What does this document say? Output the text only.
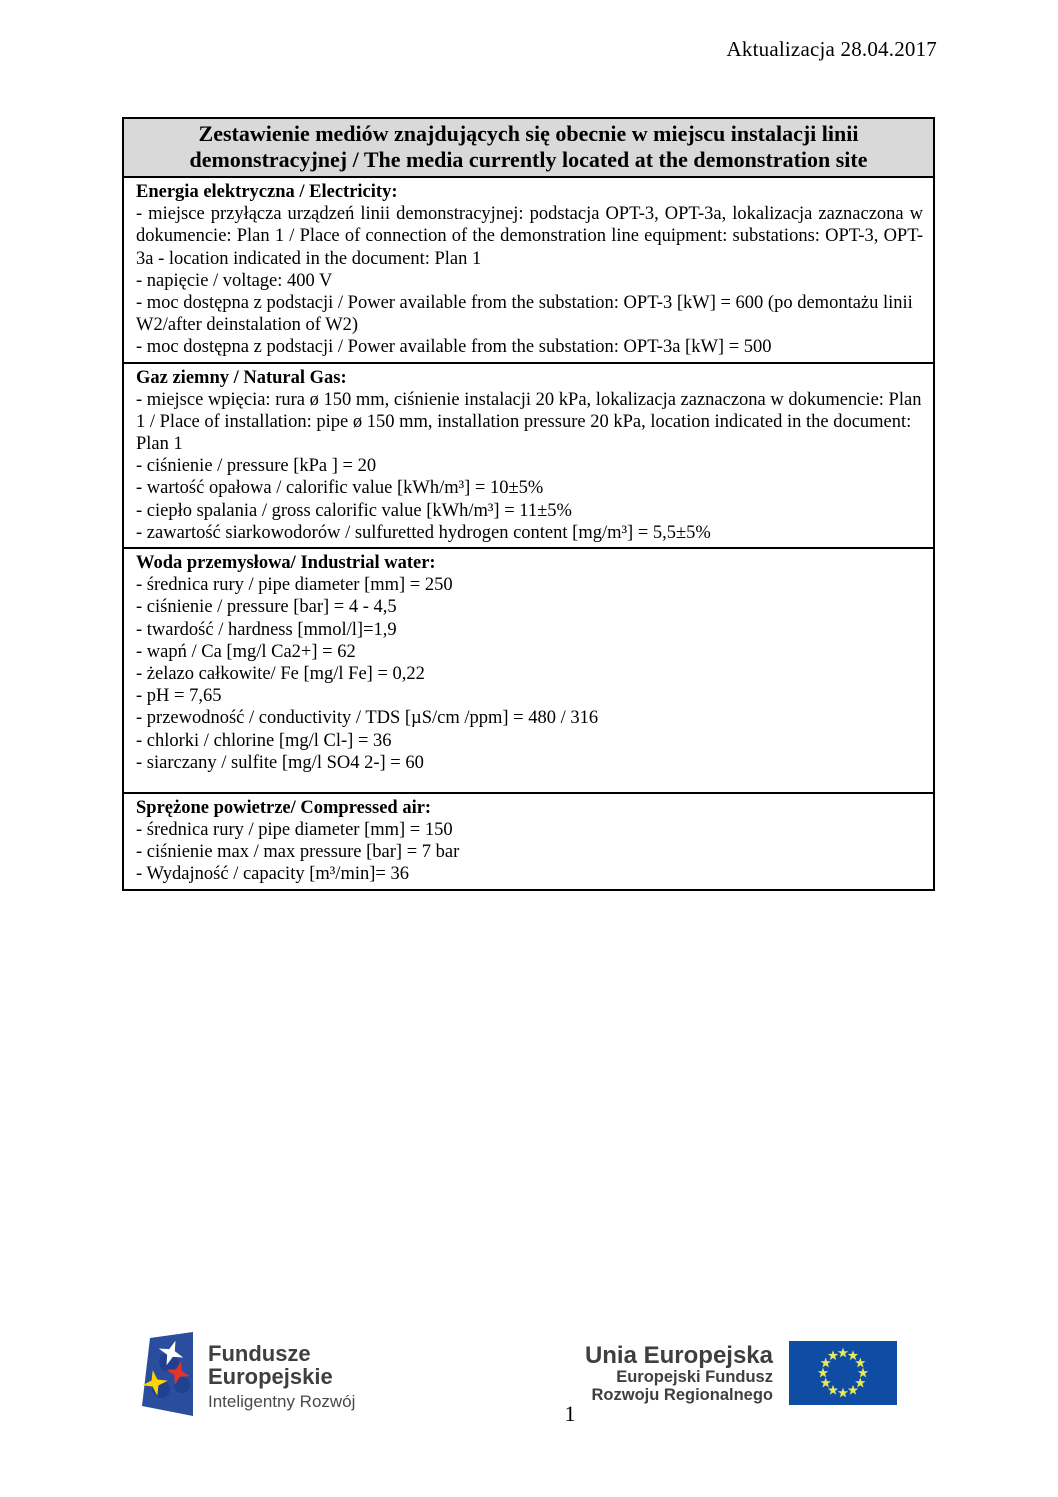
Aktualizacja 28.04.2017
Zestawienie mediów znajdujących się obecnie w miejscu instalacji linii demonstracyjnej / The media currently located at the demonstration site
Energia elektryczna / Electricity:

- miejsce przyłącza urządzeń linii demonstracyjnej: podstacja OPT-3, OPT-3a, lokalizacja zaznaczona w dokumencie: Plan 1 / Place of connection of the demonstration line equipment: substations: OPT-3, OPT-3a - location indicated in the document: Plan 1

- napięcie / voltage: 400 V

- moc dostępna z podstacji / Power available from the substation: OPT-3 [kW] = 600 (po demontażu linii W2/after deinstalation of W2)

- moc dostępna z podstacji / Power available from the substation: OPT-3a [kW] = 500

Gaz ziemny / Natural Gas:

- miejsce wpięcia: rura ø 150 mm, ciśnienie instalacji 20 kPa, lokalizacja zaznaczona w dokumencie: Plan 1 / Place of installation: pipe ø 150 mm, installation pressure 20 kPa, location indicated in the document: Plan 1

- ciśnienie / pressure [kPa ] = 20

- wartość opałowa / calorific value [kWh/m³] = 10±5%

- ciepło spalania / gross calorific value [kWh/m³] = 11±5%

- zawartość siarkowodorów / sulfuretted hydrogen content [mg/m³] = 5,5±5%

Woda przemysłowa/ Industrial water:

- średnica rury / pipe diameter [mm] = 250

- ciśnienie / pressure [bar] = 4 - 4,5

- twardość / hardness [mmol/l]=1,9

- wapń / Ca [mg/l Ca2+] = 62

- żelazo całkowite/ Fe [mg/l Fe] = 0,22

- pH = 7,65

- przewodność / conductivity / TDS [µS/cm /ppm] = 480 / 316

- chlorki / chlorine [mg/l Cl-] = 36

- siarczany / sulfite [mg/l SO4 2-] = 60

Sprężone powietrze/ Compressed air:

- średnica rury / pipe diameter [mm] = 150

- ciśnienie max / max pressure [bar] = 7 bar

- Wydajność / capacity [m³/min]= 36

Fundusze
Europejskie
Inteligentny Rozwój
Unia Europejska
Europejski Fundusz
Rozwoju Regionalnego
1
